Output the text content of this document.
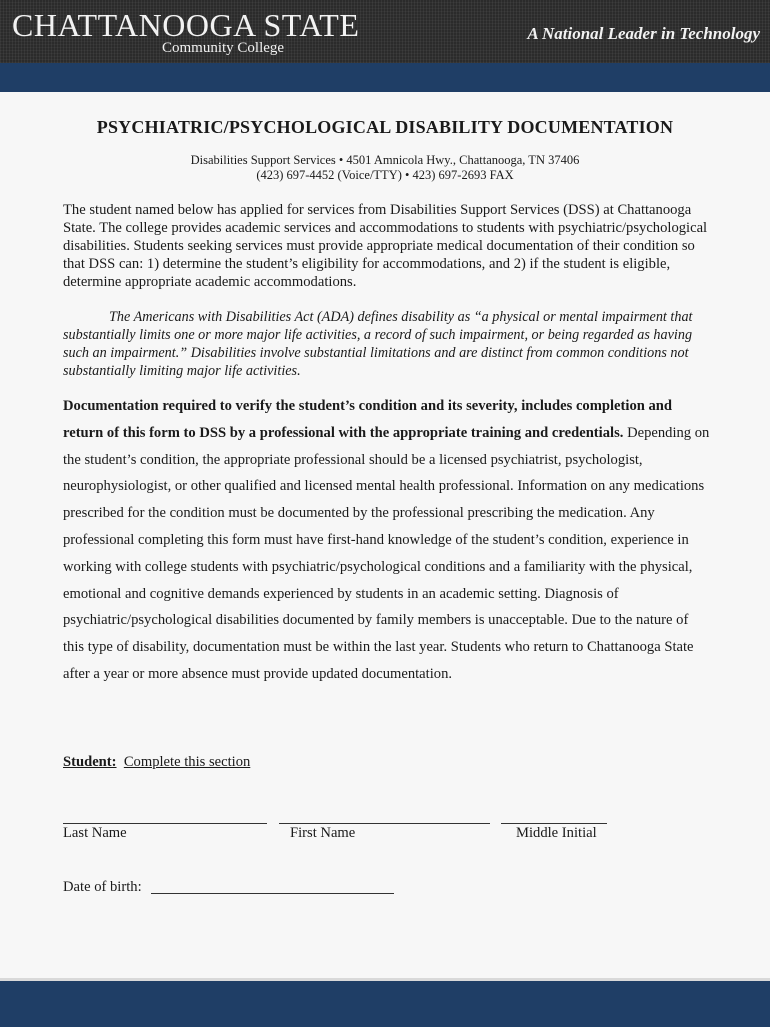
CHATTANOOGA STATE
Community College
A National Leader in Technology
PSYCHIATRIC/PSYCHOLOGICAL DISABILITY DOCUMENTATION
Disabilities Support Services • 4501 Amnicola Hwy., Chattanooga, TN 37406
(423) 697-4452 (Voice/TTY) • 423) 697-2693 FAX

The student named below has applied for services from Disabilities Support Services (DSS) at Chattanooga State. The college provides academic services and accommodations to students with psychiatric/psychological disabilities. Students seeking services must provide appropriate medical documentation of their condition so that DSS can: 1) determine the student’s eligibility for accommodations, and 2) if the student is eligible, determine appropriate academic accommodations.

The Americans with Disabilities Act (ADA) defines disability as “a physical or mental impairment that substantially limits one or more major life activities, a record of such impairment, or being regarded as having such an impairment.” Disabilities involve substantial limitations and are distinct from common conditions not substantially limiting major life activities.

Documentation required to verify the student’s condition and its severity, includes completion and return of this form to DSS by a professional with the appropriate training and credentials. Depending on the student’s condition, the appropriate professional should be a licensed psychiatrist, psychologist, neurophysiologist, or other qualified and licensed mental health professional. Information on any medications prescribed for the condition must be documented by the professional prescribing the medication. Any professional completing this form must have first-hand knowledge of the student’s condition, experience in working with college students with psychiatric/psychological conditions and a familiarity with the physical, emotional and cognitive demands experienced by students in an academic setting. Diagnosis of psychiatric/psychological disabilities documented by family members is unacceptable. Due to the nature of this type of disability, documentation must be within the last year. Students who return to Chattanooga State after a year or more absence must provide updated documentation.
Student: Complete this section
Last Name	First Name	Middle Initial
Date of birth:
